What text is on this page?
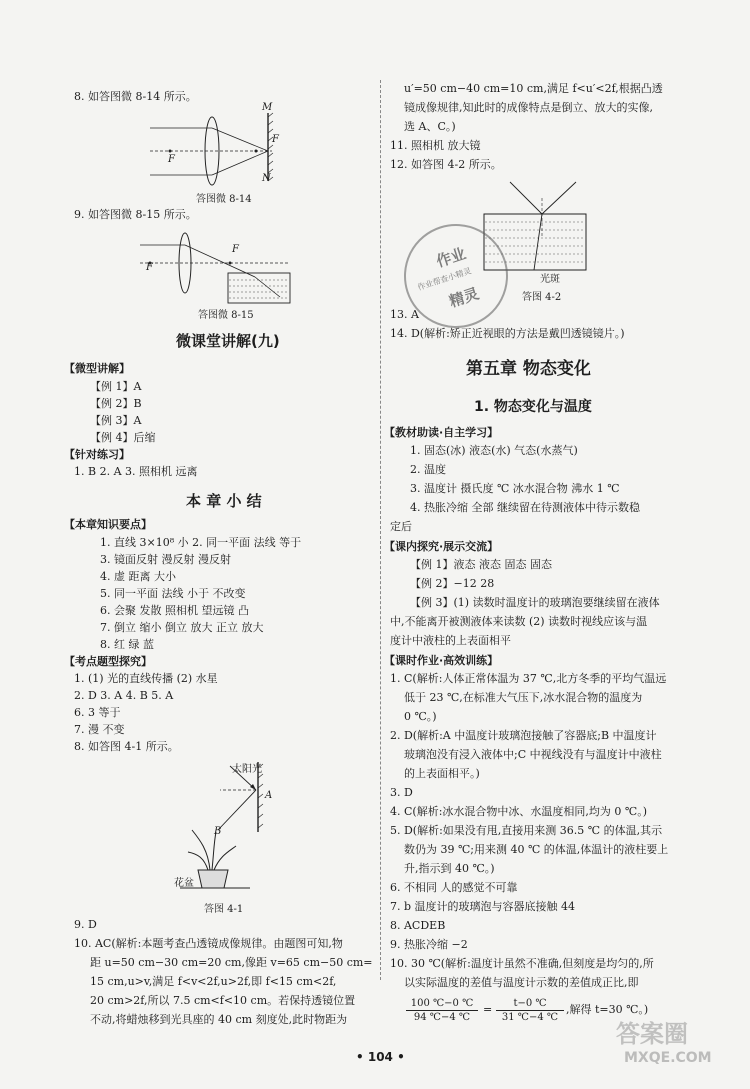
8. 如答图微 8-14 所示。
M
F
F
N
答图微 8-14
9. 如答图微 8-15 所示。
F
F
答图微 8-15
微课堂讲解(九)
【微型讲解】
【例 1】A
【例 2】B
【例 3】A
【例 4】后缩
【针对练习】
1. B 2. A 3. 照相机 远离
本 章 小 结
【本章知识要点】
1. 直线 3×10⁸ 小 2. 同一平面 法线 等于
3. 镜面反射 漫反射 漫反射
4. 虚 距离 大小
5. 同一平面 法线 小于 不改变
6. 会聚 发散 照相机 望远镜 凸
7. 倒立 缩小 倒立 放大 正立 放大
8. 红 绿 蓝
【考点题型探究】
1. (1) 光的直线传播 (2) 水星
2. D 3. A 4. B 5. A
6. 3 等于
7. 漫 不变
8. 如答图 4-1 所示。
太阳光
A
B
花盆
答图 4-1
9. D
10. AC(解析:本题考查凸透镜成像规律。由题图可知,物
距 u=50 cm−30 cm=20 cm,像距 v=65 cm−50 cm=
15 cm,u>v,满足 f<v<2f,u>2f,即 f<15 cm<2f,
20 cm>2f,所以 7.5 cm<f<10 cm。若保持透镜位置
不动,将蜡烛移到光具座的 40 cm 刻度处,此时物距为
u′=50 cm−40 cm=10 cm,满足 f<u′<2f,根据凸透
镜成像规律,知此时的成像特点是倒立、放大的实像,
选 A、C。)
11. 照相机 放大镜
12. 如答图 4-2 所示。
光斑
答图 4-2
作业
作业帮查小精灵
精灵
13. A
14. D(解析:矫正近视眼的方法是戴凹透镜镜片。)
第五章 物态变化
1. 物态变化与温度
【教材助读·自主学习】
1. 固态(冰) 液态(水) 气态(水蒸气)
2. 温度
3. 温度计 摄氏度 ℃ 冰水混合物 沸水 1 ℃
4. 热胀冷缩 全部 继续留在待测液体中待示数稳
定后
【课内探究·展示交流】
【例 1】液态 液态 固态 固态
【例 2】−12 28
【例 3】(1) 读数时温度计的玻璃泡要继续留在液体
中,不能离开被测液体来读数 (2) 读数时视线应该与温
度计中液柱的上表面相平
【课时作业·高效训练】
1. C(解析:人体正常体温为 37 ℃,北方冬季的平均气温远
低于 23 ℃,在标准大气压下,冰水混合物的温度为
0 ℃。)
2. D(解析:A 中温度计玻璃泡接触了容器底;B 中温度计
玻璃泡没有浸入液体中;C 中视线没有与温度计中液柱
的上表面相平。)
3. D
4. C(解析:冰水混合物中冰、水温度相同,均为 0 ℃。)
5. D(解析:如果没有甩,直接用来测 36.5 ℃ 的体温,其示
数仍为 39 ℃;用来测 40 ℃ 的体温,体温计的液柱要上
升,指示到 40 ℃。)
6. 不相同 人的感觉不可靠
7. b 温度计的玻璃泡与容器底接触 44
8. ACDEB
9. 热胀冷缩 −2
10. 30 ℃(解析:温度计虽然不准确,但刻度是均匀的,所
以实际温度的差值与温度计示数的差值成正比,即
$\frac{100 ℃-0 ℃}{94 ℃-4 ℃} = \frac{t-0 ℃}{31 ℃-4 ℃}$ ,解得 t=30 ℃。)
• 104 •
答案圈
MXQE.COM
